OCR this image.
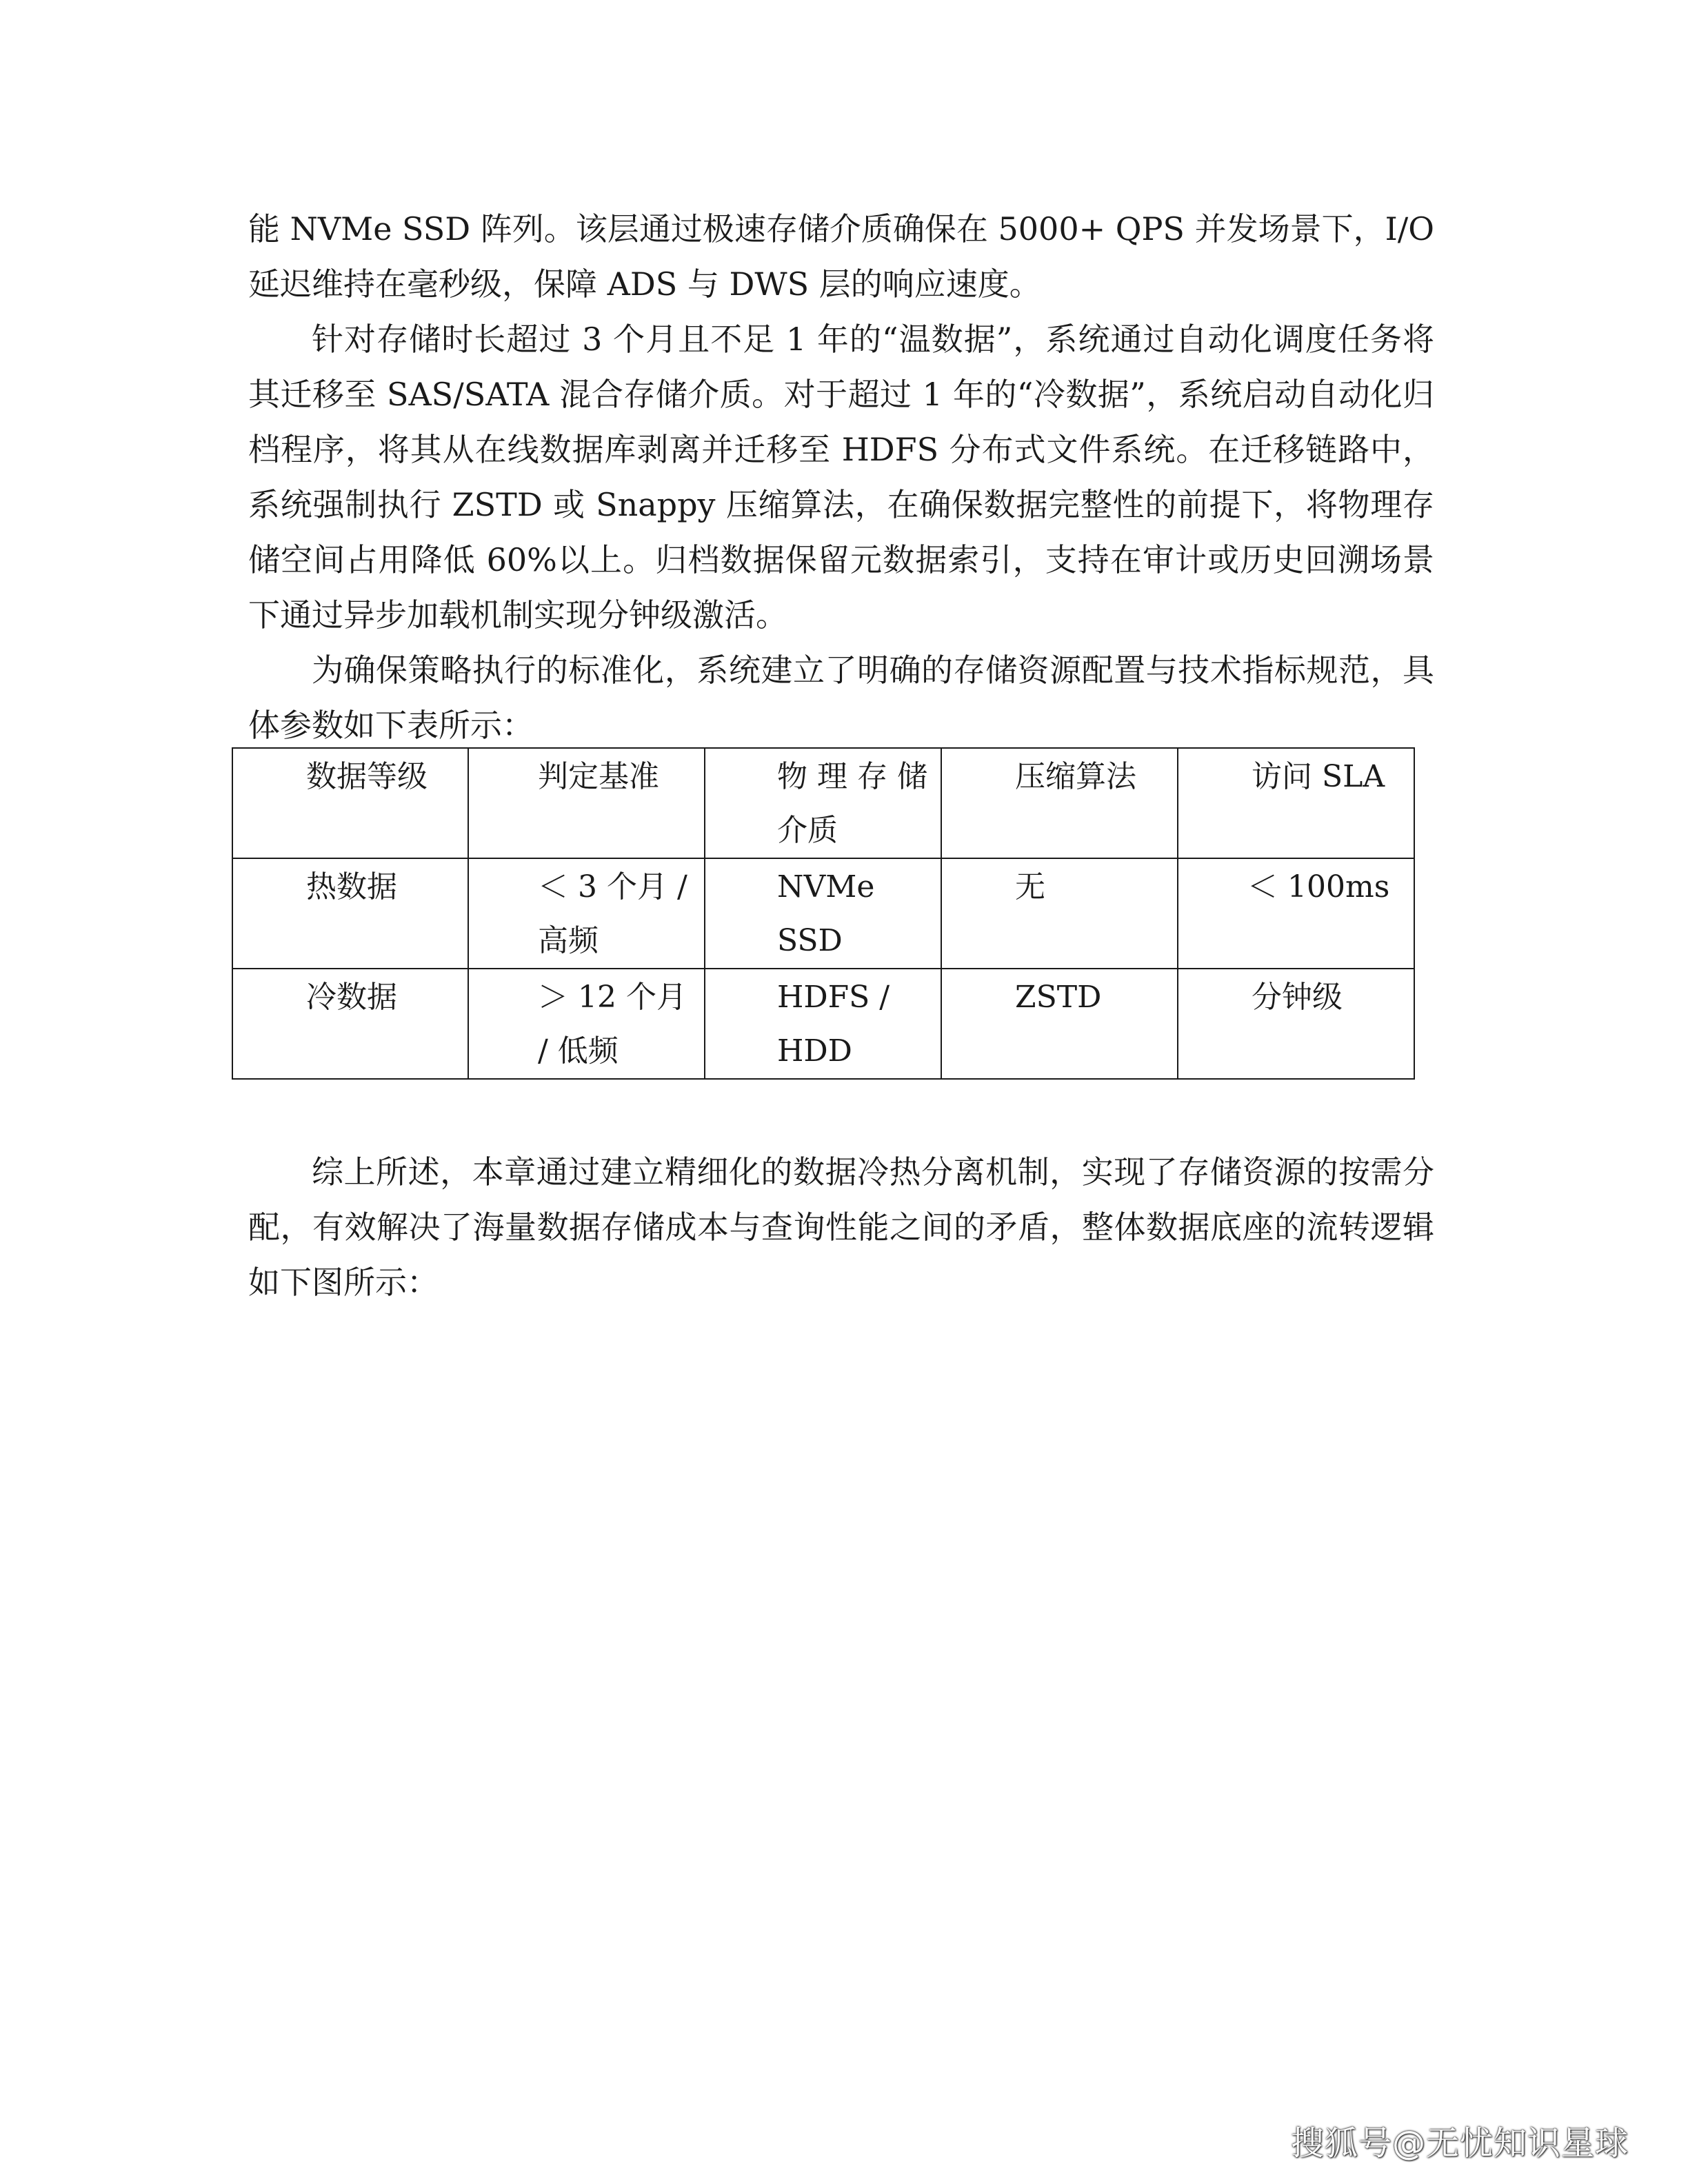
能 NVMe SSD 阵列。该层通过极速存储介质确保在 5000+ QPS 并发场景下，I/O 延迟维持在毫秒级，保障 ADS 与 DWS 层的响应速度。

针对存储时长超过 3 个月且不足 1 年的“温数据”，系统通过自动化调度任务将其迁移至 SAS/SATA 混合存储介质。对于超过 1 年的“冷数据”，系统启动自动化归档程序，将其从在线数据库剥离并迁移至 HDFS 分布式文件系统。在迁移链路中，系统强制执行 ZSTD 或 Snappy 压缩算法，在确保数据完整性的前提下，将物理存储空间占用降低 60%以上。归档数据保留元数据索引，支持在审计或历史回溯场景下通过异步加载机制实现分钟级激活。

为确保策略执行的标准化，系统建立了明确的存储资源配置与技术指标规范，具体参数如下表所示：

数据等级	判定基准	物 理 存 储 介质	压缩算法	访问 SLA
热数据	＜ 3 个月 / 高频	NVMe SSD	无	＜ 100ms
冷数据	＞ 12 个月 / 低频	HDFS / HDD	ZSTD	分钟级

综上所述，本章通过建立精细化的数据冷热分离机制，实现了存储资源的按需分配，有效解决了海量数据存储成本与查询性能之间的矛盾，整体数据底座的流转逻辑如下图所示：

搜狐号@无忧知识星球
